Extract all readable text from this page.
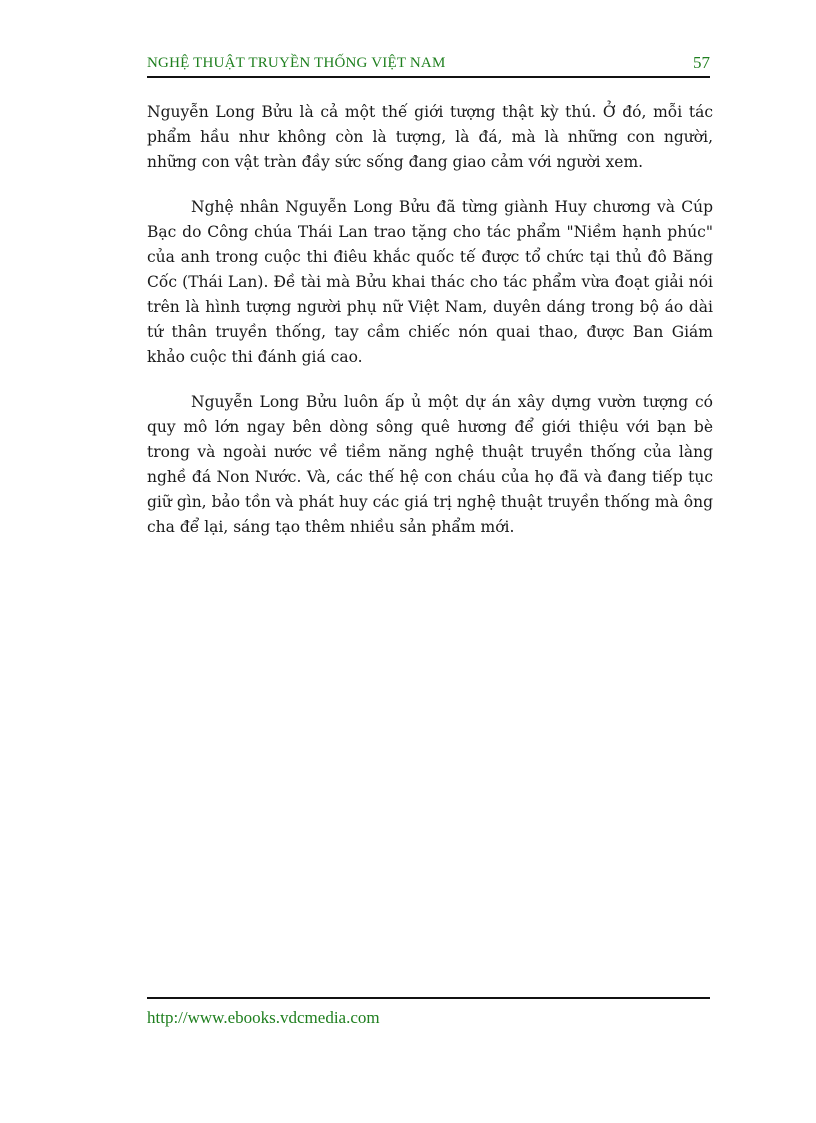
NGHỆ THUẬT TRUYỀN THỐNG VIỆT NAM	57

Nguyễn Long Bửu là cả một thế giới tượng thật kỳ thú. Ở đó, mỗi tác phẩm hầu như không còn là tượng, là đá, mà là những con người, những con vật tràn đầy sức sống đang giao cảm với người xem.

Nghệ nhân Nguyễn Long Bửu đã từng giành Huy chương và Cúp Bạc do Công chúa Thái Lan trao tặng cho tác phẩm "Niềm hạnh phúc" của anh trong cuộc thi điêu khắc quốc tế được tổ chức tại thủ đô Băng Cốc (Thái Lan). Đề tài mà Bửu khai thác cho tác phẩm vừa đoạt giải nói trên là hình tượng người phụ nữ Việt Nam, duyên dáng trong bộ áo dài tứ thân truyền thống, tay cầm chiếc nón quai thao, được Ban Giám khảo cuộc thi đánh giá cao.

Nguyễn Long Bửu luôn ấp ủ một dự án xây dựng vườn tượng có quy mô lớn ngay bên dòng sông quê hương để giới thiệu với bạn bè trong và ngoài nước về tiềm năng nghệ thuật truyền thống của làng nghề đá Non Nước. Và, các thế hệ con cháu của họ đã và đang tiếp tục giữ gìn, bảo tồn và phát huy các giá trị nghệ thuật truyền thống mà ông cha để lại, sáng tạo thêm nhiều sản phẩm mới.

http://www.ebooks.vdcmedia.com
